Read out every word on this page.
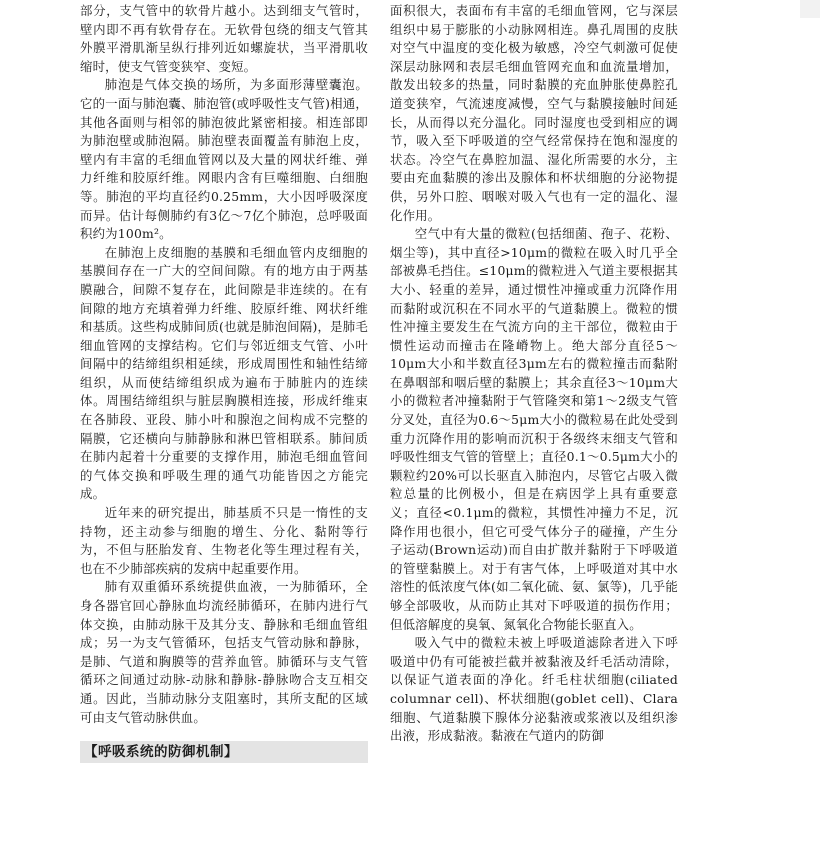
部分，支气管中的软骨片越小。达到细支气管时，壁内即不再有软骨存在。无软骨包绕的细支气管其外膜平滑肌渐呈纵行排列近如螺旋状，当平滑肌收缩时，使支气管变狭窄、变短。

肺泡是气体交换的场所，为多面形薄壁囊泡。它的一面与肺泡囊、肺泡管(或呼吸性支气管)相通，其他各面则与相邻的肺泡彼此紧密相接。相连部即为肺泡壁或肺泡隔。肺泡壁表面覆盖有肺泡上皮，壁内有丰富的毛细血管网以及大量的网状纤维、弹力纤维和胶原纤维。网眼内含有巨噬细胞、白细胞等。肺泡的平均直径约0.25mm，大小因呼吸深度而异。估计每侧肺约有3亿～7亿个肺泡，总呼吸面积约为100m²。

在肺泡上皮细胞的基膜和毛细血管内皮细胞的基膜间存在一广大的空间间隙。有的地方由于两基膜融合，间隙不复存在，此间隙是非连续的。在有间隙的地方充填着弹力纤维、胶原纤维、网状纤维和基质。这些构成肺间质(也就是肺泡间隔)，是肺毛细血管网的支撑结构。它们与邻近细支气管、小叶间隔中的结缔组织相延续，形成周围性和轴性结缔组织，从而使结缔组织成为遍布于肺脏内的连续体。周围结缔组织与脏层胸膜相连接，形成纤维束在各肺段、亚段、肺小叶和腺泡之间构成不完整的隔膜，它还横向与肺静脉和淋巴管相联系。肺间质在肺内起着十分重要的支撑作用，肺泡毛细血管间的气体交换和呼吸生理的通气功能皆因之方能完成。

近年来的研究提出，肺基质不只是一惰性的支持物，还主动参与细胞的增生、分化、黏附等行为，不但与胚胎发育、生物老化等生理过程有关，也在不少肺部疾病的发病中起重要作用。

肺有双重循环系统提供血液，一为肺循环，全身各器官回心静脉血均流经肺循环，在肺内进行气体交换，由肺动脉干及其分支、静脉和毛细血管组成；另一为支气管循环，包括支气管动脉和静脉，是肺、气道和胸膜等的营养血管。肺循环与支气管循环之间通过动脉-动脉和静脉-静脉吻合支互相交通。因此，当肺动脉分支阻塞时，其所支配的区域可由支气管动脉供血。

【呼吸系统的防御机制】

面积很大，表面布有丰富的毛细血管网，它与深层组织中易于膨胀的小动脉网相连。鼻孔周围的皮肤对空气中温度的变化极为敏感，冷空气刺激可促使深层动脉网和表层毛细血管网充血和血流量增加，散发出较多的热量，同时黏膜的充血肿胀使鼻腔孔道变狭窄，气流速度减慢，空气与黏膜接触时间延长，从而得以充分温化。同时湿度也受到相应的调节，吸入至下呼吸道的空气经常保持在饱和湿度的状态。冷空气在鼻腔加温、湿化所需要的水分，主要由充血黏膜的渗出及腺体和杯状细胞的分泌物提供，另外口腔、咽喉对吸入气也有一定的温化、湿化作用。

空气中有大量的微粒(包括细菌、孢子、花粉、烟尘等)，其中直径>10μm的微粒在吸入时几乎全部被鼻毛挡住。≤10μm的微粒进入气道主要根据其大小、轻重的差异，通过惯性冲撞或重力沉降作用而黏附或沉积在不同水平的气道黏膜上。微粒的惯性冲撞主要发生在气流方向的主干部位，微粒由于惯性运动而撞击在隆嵴物上。绝大部分直径5～10μm大小和半数直径3μm左右的微粒撞击而黏附在鼻咽部和咽后壁的黏膜上；其余直径3～10μm大小的微粒者冲撞黏附于气管隆突和第1～2级支气管分叉处，直径为0.6～5μm大小的微粒易在此处受到重力沉降作用的影响而沉积于各级终末细支气管和呼吸性细支气管的管壁上；直径0.1～0.5μm大小的颗粒约20%可以长驱直入肺泡内，尽管它占吸入微粒总量的比例极小，但是在病因学上具有重要意义；直径<0.1μm的微粒，其惯性冲撞力不足，沉降作用也很小，但它可受气体分子的碰撞，产生分子运动(Brown运动)而自由扩散并黏附于下呼吸道的管壁黏膜上。对于有害气体，上呼吸道对其中水溶性的低浓度气体(如二氧化硫、氨、氯等)，几乎能够全部吸收，从而防止其对下呼吸道的损伤作用；但低溶解度的臭氧、氮氧化合物能长驱直入。

吸入气中的微粒未被上呼吸道滤除者进入下呼吸道中仍有可能被拦截并被黏液及纤毛活动清除，以保证气道表面的净化。纤毛柱状细胞(ciliated columnar cell)、杯状细胞(goblet cell)、Clara细胞、气道黏膜下腺体分泌黏液或浆液以及组织渗出液，形成黏液。黏液在气道内的防御
